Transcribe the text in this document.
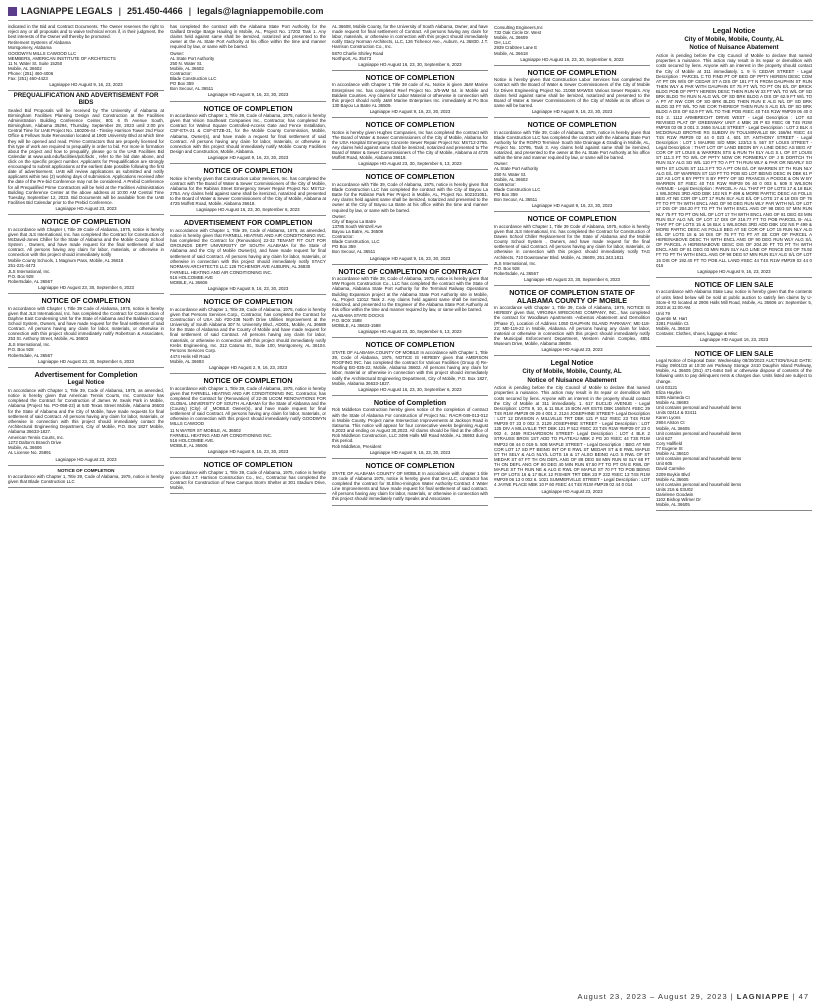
LAGNIAPPE LEGALS | 251.450-4466 | legals@lagniappemobile.com

indicated in the Bid and Contract Documents. The Owner reserves the right to reject any or all proposals and to waive technical errors if, in their judgment, the best interests of the Owner will thereby be promoted.

Retirement Systems of Alabama
Montgomery, Alabama
GOODWYN MILLS CAWOOD LLC
MEMBERS, AMERICAN INSTITUTE OF ARCHITECTS
11 N. Water St. Suite 15250
Mobile, AL 36602
Phone: (251) 460-4006
Fax: (251) 460-4423
Lagniappe HD August 9, 16, 23, 2023
PREQUALIFICATION AND ADVERTISEMENT FOR BIDS

Sealed Bid Proposals will be received by The University of Alabama at Birmingham Facilities Planning Design and Construction at the Facilities Administration Building Conference Center, 801 6 th Avenue South, Birmingham, Alabama 35294, Thursday, September 28, 2023 until 2:00 pm Central Time for UAB Project No. 160206-44 - Tinsley Harrison Tower 2nd Floor Office & Fellows Suite Renovation located at 1900 University Blvd at which time they will be opened and read. Prime Contractors that are properly licensed for this type of work are required to prequalify in order to bid. For more in formation about the project and how to prequalify, please go to the UAB Facilities Bid Calendar at www.uab.edu/facilities/pdc/bids , refer to the bid date above, and click on the specific project number. Applicants for Prequalification are strongly encouraged to submit applications at the earliest date possible following the first date of advertisement. UAB will review applications as submitted and notify applicants within two (2) working days of submission. Applications received after the date of the Pre-bid Conference may not be considered. A Prebid Conference for all Prequalified Prime Contractors will be held at the Facilities Administration Building Conference Center at the above address at 10:00 AM Central Time Tuesday, September 12, 2023. Bid Documents will be available from the UAB Facilities Bid Calendar prior to the Prebid Conference.

Lagniappe HD August 23, 2023
NOTICE OF COMPLETION

In accordance with Chapter I, Title 39 Code of Alabama, 1975, notice is hereby given that JLS International, Inc. has completed the Contract for Construction of McDavid-Jones Chiller for the State of Alabama and the Mobile County School System , Owners, and have made request for the final settlement of said contract. All persons having any claim for labor, materials, or otherwise in connection with this project should immediately notify

Mobile County Schools, 1 Magnum Pass, Mobile, AL 36618
251-221-4473
JLS International, Inc.
P.O. Box 928
Robertsdale, AL 36567
Lagniappe HD August 23, 30, September 6, 2023
NOTICE OF COMPLETION

In accordance with Chapter I, Title 39 Code of Alabama, 1975, notice is hereby given that JLS International, Inc. has completed the Contract for Construction of Daphne East Condensing Unit for the State of Alabama and the Baldwin County School System, Owners, and have made request for the final settlement of said Contract. All persons having any claim for labor, materials, or otherwise in connection with this project should immediately notify Robertson & Associates, 253 St. Anthony Street, Mobile, AL 36603

JLS International, Inc.
P.O. Box 928
Robertsdale, AL 36567
Lagniappe HD August 23, 30, September 6, 2023
Advertisement for Completion
Legal Notice

In accordance with Chapter 1, Title 39, Code of Alabama, 1975, as amended, notice is hereby given that American Tennis Courts, Inc. Contractor has completed the Contract for Construction of James W. Seals Park in Mobile, Alabama (Project No. PO-058-22) at 540 Texas Street Mobile, Alabama 36603 for the State of Alabama and the City of Mobile, have made requests for final settlement of said Contract. All persons having any claim for labor, materials, or otherwise in connection with this project should immediately contact the Architectural Engineering Department, City of Mobile, P.O. Box 1827 Mobile, Alabama 36633-1827.

American Tennis Courts, Inc.
1272 Dalton's Branch Drive
Mobile, AL 36606
AL License No. 25891
Lagniappe HD August 23, 2023
NOTICE OF COMPLETION

In accordance with Chapter 1, Title 39, Code of Alabama, 1975, notice is hereby given that Blade Construction LLC

has completed the contract with the Alabama State Port Authority for the Gaillard Dredge Barge Hauling in Mobile, AL, Project No. 17202 Task 1. Any claims held against same shall be itemized, notarized and presented to the owner at the AL State Port Authority at his office within the time and manner required by law, or same with be barred.

Owner:
AL State Port Authority
250 N. Water St.
Mobile, AL 36602
Contractor:
Blade Construction LLC
PO Box 359
Bon Secour, AL 36511
Lagniappe HD August 9, 16, 23, 30, 2023
NOTICE OF COMPLETION

In accordance with Chapter 1, Title 39, Code of Alabama, 1975, notice is hereby given that Vision Southeast Companies Inc., Contractor, has completed the Contract for Walnut Square Controlled-Access Gate and Fence Installation, CSF-ETA-21 & CSF-ETZB-21, for the Mobile County Commission, Mobile, Alabama, Owner(s), and have made a request for final settlement of said Contract. All persons having any claim for labor, materials, or otherwise in connection with this project should immediately notify Mobile County Facilities Design and Construction, Mobile, Alabama.

Lagniappe HD August 9, 16, 23, 30, 2023
NOTICE OF COMPLETION

Notice is hereby given that Construction Labor Services, Inc. has completed the contract with The Board of Water & Sewer Commissioners of the City of Mobile, Alabama for the Rabiran Street Emergency Sewer Repair Project No: MS712-2754. Any claims held against same shall be itemized, notarized and presented to the Board of Water & Sewer Commissioners of the City of Mobile, Alabama at 4725 Moffett Road, Mobile, Alabama 36618.

Lagniappe HD August 16, 23, 30, September 6, 2023
ADVERTISEMENT FOR COMPLETION

In accordance with Chapter 1, Title 39, Code of Alabama, 1975, as amended, notice is hereby given that FARNELL HEATING AND AIR CONDITIONING INC. has completed the Contract for (Renovation) 22-32 TENANT FIT OUT FOR GROUNDS DEPT UNIVERSITY OF SOUTH ALABAMA for the State of Alabama and the City of Mobile Owner(s), and have made request for final settlement of said Contract. All persons having any claim for labor, materials, or otherwise in connection with this project should immediately notify STACY NORMAN ARCHITECTS LLC 126 TICHENOR AVE AUBURN, AL 36830

FARNELL HEATING AND AIR CONDITIONING INC.
516 HOLCOMBE AVE
MOBILE, AL 36606
Lagniappe HD August 9, 16, 23, 30, 2023
NOTICE OF COMPLETION

In accordance with Chapter 1, Title 39, Code of Alabama, 1975, notice is hereby given that Persons Services Corp., Contractor, has completed the Contract for Construction of USA Job #20-338 North Drive Utilities Improvement at the University of South Alabama 307 N. University Blvd., AD001, Mobile, AL 36688 for the State of Alabama and the County of Mobile and have made request for final settlement of said Contract. All persons having any claim for labor, materials, or otherwise in connection with this project should immediately notify Krebs Engineering, Inc. 312 Catoma St., Suite 100, Montgomery, AL 36104. Persons Services Corp.

4474 Helis Hill Road
Mobile, AL 36693
Lagniappe HD August 2, 9, 16, 23, 2023
NOTICE OF COMPLETION

In accordance with Chapter 1, Title 39, Code of Alabama, 1975, notice is hereby given that FARNELL HEATING AND AIR CONDITIONING INC. Contractor, has completed the Contract for (Renovation) of 22-35 UCOM RENOVATIONS FOR GLOBAL UNIVERSITY OF SOUTH ALABAMA for the State of Alabama and the (County) (City) of _MOBILE Owner(s), and have made request for final settlement of said Contract. All persons having any claim for labor, materials, or otherwise in connection with this project should immediately notify GOODWYN MILLS CAWOOD

11 N WATER ST MOBILE, AL 36602
FARNELL HEATING AND AIR CONDITIONING INC.
516 HOLCOMBE AVE.
MOBILE, AL 36606
Lagniappe HD August 9, 16, 23, 30, 2023
NOTICE OF COMPLETION

In accordance with Chapter 1, Title 39, Code of Alabama, 1975, notice is hereby given that J.T. Harrison Construction Co., Inc., Contractor has completed the Contract for Construction of New Campus Storm Shelter at 301 Stadium Drive, Mobile,

AL 36608, Mobile County, for the University of South Alabama, Owner, and have made request for final settlement of Contract. All persons having any claim for labor, materials, or otherwise in connection with this project should immediately notify Stacy Norman Architects, LLC, 126 Tichenor Ave., Auburn, AL 36830. J.T. Harrison Construction Co., Inc.

5870 Charlie Shirley Road
Northport, AL 35473
Lagniappe HD August 16, 23, 30, September 6, 2023
NOTICE OF COMPLETION

In accordance with Chapter 1 Title 39 code of AL. Notice is given J&W Marine Enterprises Inc. has completed Reef Project No. 2/5-WM 54. in Mobile and Baldwin Counties. Any claims for Labor Material or otherwise in connection with this project should notify J&W Marine Enterprises Inc. immediately at Po Box 130 Bayou La Batre AL 36509.

Lagniappe HD August 9, 16, 23, 30, 2023
NOTICE OF COMPLETION

Notice is hereby given Hughes Companies, Inc has completed the contract with The Board of Water & Sewer Commissioners of the City of Mobile, Alabama for the USA Hospital Emergency Concrete Sewer Repair Project No: MS712-2755. Any claims held against same shall be itemized, notarized and presented to The Board of Water & Sewer Commissioners of The City of Mobile, Alabama at 4725 Moffett Road, Mobile, Alabama 36618.

Lagniappe HD August 23, 30, September 6, 13, 2023
NOTICE OF COMPLETION

In accordance with Title 39, Code of Alabama, 1975, notice is hereby given that Blade Construction LLC has completed the contract with the City of Bayou La Batre for the Rabiran Park Pier Project in Mobile, AL, Project No. 502101051. Any claims held against same shall be itemized, notarized and presented to the owner at the City of Bayou La Batre at his office within the time and manner required by law, or same with be barred.

Owner:
City of Bayou La Batre
13785 South Wintzell Ave
Bayou La Batre, AL 36509
Contractor:
Blade Construction, LLC
PO Box 359
Bon Secour, AL 36511
Lagniappe HD August 9, 16, 23, 30, 2023
NOTICE OF COMPLETION OF CONTRACT

In accordance with Title 39, Code of Alabama, 1975, notice is hereby given that MW Rogers Construction Co., LLC has completed the contract with the State of Alabama, Alabama State Port Authority for the Terminal Railway Operations Building Expansion project at the Alabama State Port Authority site in Mobile, AL, Project 11012 Task 2. Any claims held against same shall be itemized, notarized, and presented to the Engineer of the Alabama State Port Authority at this office within the time and manner required by law, or same will be barred.

ALABAMA STATE DOCKS
P.O. BOX 1588
MOBILE, AL 36633-1588
Lagniappe HD August 23, 30, September 6, 13, 2023
NOTICE OF COMPLETION

STATE OF ALABAMA COUNTY OF MOBILE In accordance with Chapter 1, Title 39, Code of Alabama, 1975, NOTICE IS HEREBY given that AMERSON ROOFING INC. has completed the contract for Various Facilities (Group 4) Re-Roofing BG-035-22, Mobile, Alabama 36602. All persons having any claim for labor, material or otherwise in connection with this project should immediately notify the Architectural Engineering Department, City of Mobile, P.O. Box 1827, Mobile, Alabama 36633-1827.

Lagniappe HD August 16, 23, 30, September 6, 2023
Notice of Completion

Rob Middleton Construction hereby gives notice of the completion of contract with the State of Alabama For construction of Project No.: RACR-049-013-012 in Mobile County. Project name Intersection Improvements at Jackson Road in Satsuma. This notice will appear for four consecutive weeks beginning August 9,2023 and ending on August 30,2023. All claims should be filed at the office of Rob Middleton Construction, LLC 3496 Halls Mill Road Mobile, AL 36693 during this period.

Rob Middleton, President
Lagniappe HD August 9, 16, 23, 30, 2023
NOTICE OF COMPLETION

STATE OF ALABAMA COUNTY OF MOBILE In accordance with chapter 1 title 39 code of Alabama 1975, notice is hereby given that GH,LLC, contractor has completed the contract for St.Elmo-Irvington Water Authority-Contract 4 Water Line Improvements and have made request for final settlement of said contract. All persons having any claim for labor, materials, or otherwise in connection with this project should immediately notify Speaks and Associates

Consulting Engineers,Inc
732 Oak Circle Dr. West
Mobile, AL 36609
GH, LLC
2939 Crabtree Lane E
Mobile, AL 36618
Lagniappe HD August 16, 23, 30, September 6, 2023
NOTICE OF COMPLETION

Notice is hereby given that Construction Labor Services has completed the contract with the Board of Water & Sewer Commissioners of the City of Mobile for Driven Engineering Project No. 21068 MAWSS Various Sewer Repairs. Any claims held against same shall be itemized, notarized and presented to the Board of Water & Sewer Commissioners of the City of Mobile at its offices or same will be barred.

Lagniappe HD August 9, 16, 23, 30, 2023
NOTICE OF COMPLETION

In accordance with Title 39, Code of Alabama, 1975, notice is hereby given that Blade Construction LLC has completed the contract with the Alabama State Port Authority for the RO/RO Terminal- South Site Drainage & Grading in Mobile, AL, Project No. 10795, Task 3. Any claims held against same shall be itemized, notarized, and presented to the owner at the AL State Port Authority at his office within the time and manner required by law, or same will be barred.

Owner:
AL State Port Authority
250 N. Water St.
Mobile, AL 36602
Contractor:
Blade Construction LLC
PO Box 359
Bon Secour, AL 36511
Lagniappe HD August 9, 16, 23, 30, 2023
NOTICE OF COMPLETION

In accordance with Chapter 1, Title 39 Code of Alabama, 1975, notice is hereby given that JLS International, Inc. has completed the Contract for Construction of Dawes School Chiller Replacement for the State of Alabama and the Mobile County School System , Owners, and have made request for the final settlement of said Contract. All persons having any claim for labor, materials, or otherwise in connection with this project should immediately notify TAG Architects, 710 Downtowner Blvd. Mobile, AL 36609, 251.343.1811

JLS International, Inc.
P.O. Box 928
Robertsdale, AL 36567
Lagniappe HD August 23, 30, September 6, 2023
NOTICE OF COMPLETION STATE OF ALABAMA COUNTY OF MOBILE

In accordance with Chapter 1, Title 39, Code of Alabama, 1975, NOTICE IS HEREBY given that, VIRGINIA WRECKING COMPANY, INC., has completed the contract for Woodlawn Apartments -Asbestos Abatement and Demolition (Phase 2), Location of Address 1050 DAUPHIN ISLAND PARKWAY; ME-118-22; ME-119-22 in Mobile, Alabama. All persons having any claim for labor, material or otherwise in connection with this project should immediately notify the Municipal Enforcement Department, Western Admin Complex, 4851 Museum Drive, Mobile, Alabama 36608.

Lagniappe HD August 23, 2023
Legal Notice
City of Mobile, Mobile, County, AL
Notice of Nuisance Abatement

Action is pending before the City Council of Mobile to declare that named properties a nuisance. This action may result in its repair or demolition with costs secured by liens. Anyone with an interest in the property should contact the City of Mobile at 311 immediately. 1. 617 EUCLID AVENUE - Legal Description: LOTS 9, 10, & 11 BLK 15 BON AIR ESTS DBK 156/574 #SEC 29 T4S R1W #MP29 09 29 4 001 2. 2124 JOSEPHINE STREET- Legal Description : LOT 12 DIVISION A MILLVILLE TRT DBK 121 P 512 #SEC 23 T4S R1W #MP29 07 23 0 002 3. 2129 JOSEPHINE STREET - Legal Description : LOT 125 DIV A MILLVILLE TRT DBK 121 P 512 #SEC 23 T4S R1W #MP29 07 23 0 002 4. 2459 RICHARDSON STREET- Legal Description : LOT 4 BLK 2 STRAUSS BROS 1ST ADD TO PLATEAU MBK 2 PG 20 #SEC 44 T3S R1W #MP22 08 44 0 019 5. 508 MAPLE STREET - Legal Description : BEG AT NW COR LOT 17 SD PT BEING INT OF E RWL ST MEDAR ST & E RWL MAPLE ST TH SELY & ALG NLY/L LOTS 16 & 17 ALSO BEING ALG S RWL OF ST MEDAR ST 67 FT TH ON DEFL ANG OF 88 DEG 58 MIN RUN W SLY 68 FT TH ON DEFL ANG OF 90 DEG 40 MIN RUN 67.50 FT TO PT ON E RWL OF MAPLE ST TH RUN NE & ALG E RWL OF MAPLE ST 70 FT TO POB BEING PT OF LOTS 16 & 17 BLK 12 FISHER TRT DBK 23 P 232 #SEC 13 T4S R1W #MP29 06 13 0 002 6. 1021 SUMMERVILLE STREET - Legal Description : LOT 4 JAYNE PLACE MBK 10 P 60 #SEC 44 T4S R1W #MP29 02 44 0 014

Lagniappe HD August 23, 2023
Legal Notice
City of Mobile, Mobile, County, AL
Notice of Nuisance Abatement

Action is pending before the City Council of Mobile to declare that named properties a nuisance. This action may result in its repair or demolition with costs secured by liens. Anyone with an interest in the property should contact the City of Mobile at 311 immediately. 1. 9 ½ CEDAR STREET - Legal Description : PARCEL C TO FIND PT OF BEG OF PPTY HEREIN DESC COM AT PT ON W/S OF CEDAR ST A DIS OF 181 FT N FROM DAUPHIN ST RUN THEN WLY & PAR WITH DAUPHIN ST 75 FT W/L TO PT ON E/L OF BRICK BLDG POB OF PPTY HEREIN DESC THEN RUN W 33 FT W/L TO W/L OF SD BRK BLDG TH RUN N ALG W/L OF SD BRK BLDG A DIS OF 62.9 FT W/L TO A PT AT NW COR OF SD BRK BLDG THEN RUN E ALG N/L OF SD BRK BLDG 33 FT W/L TO NE COR THEREOF THEN RUN S ALG E/L OF SD BRK BLDG A DIS OF 62.9 FT W/L TO THE POB #SEC 40 T4S R1W #MP29 06 40 0 010 2. 1112 ARMBRECHT DRIVE WEST - Legal Description : LOT 63 REVISED PLAT OF GREENWAY UNIT 4 MBK 28 P 83 #SEC 08 T4S R2W #MP28 03 08 3 001 3. 2656 SALLE STREET - Legal Description : LOT 2 BLK 4 MCDONALD BROTHE RS SUBDIV IN TOULMINVILLE BK 156/94 #SEC 44 T4S R1W #MP29 02 44 0 023 4. 601 ST. ANTHONY STREET - Legal Description : LOT 1 MAURIE S/D MBK 123/13 5. 557 ST LOUIS STREET - Legal Description : THAT LOT OF LAND BEGIN BY A LINE DESC AS BEG AT COR OF ST LOUIS & WARREN STS & RUN TH ELY ALG S L OF ST LOUIS ST 111.3 FT TO W/L OF PPTY NOW OR FORMERLY OF J B DORTCH TH RUN SLY ALG SD W/L 110 FT TO A PT TH RUN WLY & PAR OR NEARLY SO WITH ST LOUIS ST 111.3 FT TO A PT ON E/L OF WARREN ST TH RUN NLY ALG E/L OF WARREN ST 110 FT TO POB SD LOT BEING DESC IN DBK 61 P 157 AS LOT 6 BY PPTY S BY PPTY OF SD FRANCIS A POGGE & ON W BY WARREN ST #SEC 40 T4S R1W #MP29 06 40 0 003 6. 609 S WILSON AVENUE - Legal Description : PARCEL A- ALL THAT PT OF LOTS 17 & 18 BLK 1 WILSONS 3RD ADD DBK 102 NS P 499 & MORE PARTIC DESC AS FOLLS BEG AT NE COR OF LOT 17 RUN SLY ALG E/L OF LOTS 17 & 18 DIS OF 75 FT TO PT TH WITH ENCL ANG OF 90 DEG RUN WLY PAR WITH N/L OF LOT 17 DIS OF 204.20 FT TO PT TH WITH ENCL ANG OF 98 DEG 57 MIN RUN NLY 75 FT TO PT ON N/L OF LOT 17 TH WITH ENCL ANG OF 81 DEG 03 MIN RUN ELY ALG N/L OF LOT 17 DIS OF 216.77 FT TO POB PARCEL B- ALL THAT PT OF LOTS 15 & 16 BLK 1 WILSONS 3RD ADD DBK 102 NS P 499 & MORE PARTIC DESC AS FOLLS BEG AT SE COR OF LOT 15 RUN NLY ALG E/L OF LOTS 15 & 16 DIS OF 75 FT TO PT AT SE COR OF PARCEL A HEREINABOVE DESC TH WITH ENCL ANG OF 90 DEG RUN WLY ALG S/L OF PARCEL A HEREINABOVE DESC DIS OF 204.20 FT TO PT TH WITH ENCL ANG OF 81 DEG 03 MIN RUN SLY ALG LINE OF FENCE DIS OF 75.92 FT TO PT TH WITH ENCL ANG OF 98 DEG 57 MIN RUN ELY ALG S/L OF LOT 15 DIS OF 192.40 FT TO POB ALL LAND #SEC 44 T4S R1W #MP29 02 44 0 015

Lagniappe HD August 9, 16, 23, 2023
NOTICE OF LIEN SALE

In accordance with Alabama State Law, notice is hereby given that the contents of units listed below will be sold at public auction to satisfy lien claims by U-Store-it #2 located at 2906 Halls Mill Road, Mobile, AL 36606 on: September 5, 2023 at 11:00 AM.

Unit 79
Quentin M. Hart
3281 Franklin Ct.
Mobile, AL 36618
Contains: Clothes, shoes, luggage & Misc
Lagniappe HD August 16, 23, 2023
NOTICE OF LIEN SALE

Legal Notice of Disposal Date: Wednesday 08/30/2023 AUCTION/SALE DATE: Friday 09/01/23 at 10:30 am Parkway Storage 2410 Dauphin Island Parkway, Mobile, AL 36605 (251) 471-6464 Sell or otherwise dispose of contents of the following units to pay delinquent rents & charges due. Units listed are subject to change.

Unit 03121
Eliza Hayden
5205 Alameda Ct
Mobile AL 36693
Unit contains personal and household items
Units 02414 & 02411
Karen Lyons
2904 Alston Ct
Mobile, AL 36605
Unit contains personal and household items
Unit 627
Cory Hallfield
77 Eugene St
Mobile AL 36610
Unit contains personal and household items
Unit 605
David Carmike
2209 Boykin Blvd
Mobile AL 36605
Unit contains personal and household items
Units 216 & 03U02
Darielene Goodwin
1102 Bishop Wilmer Dr
Mobile, AL 36605
August 23, 2023 – August 29, 2023 | LAGNIAPPE | 47
